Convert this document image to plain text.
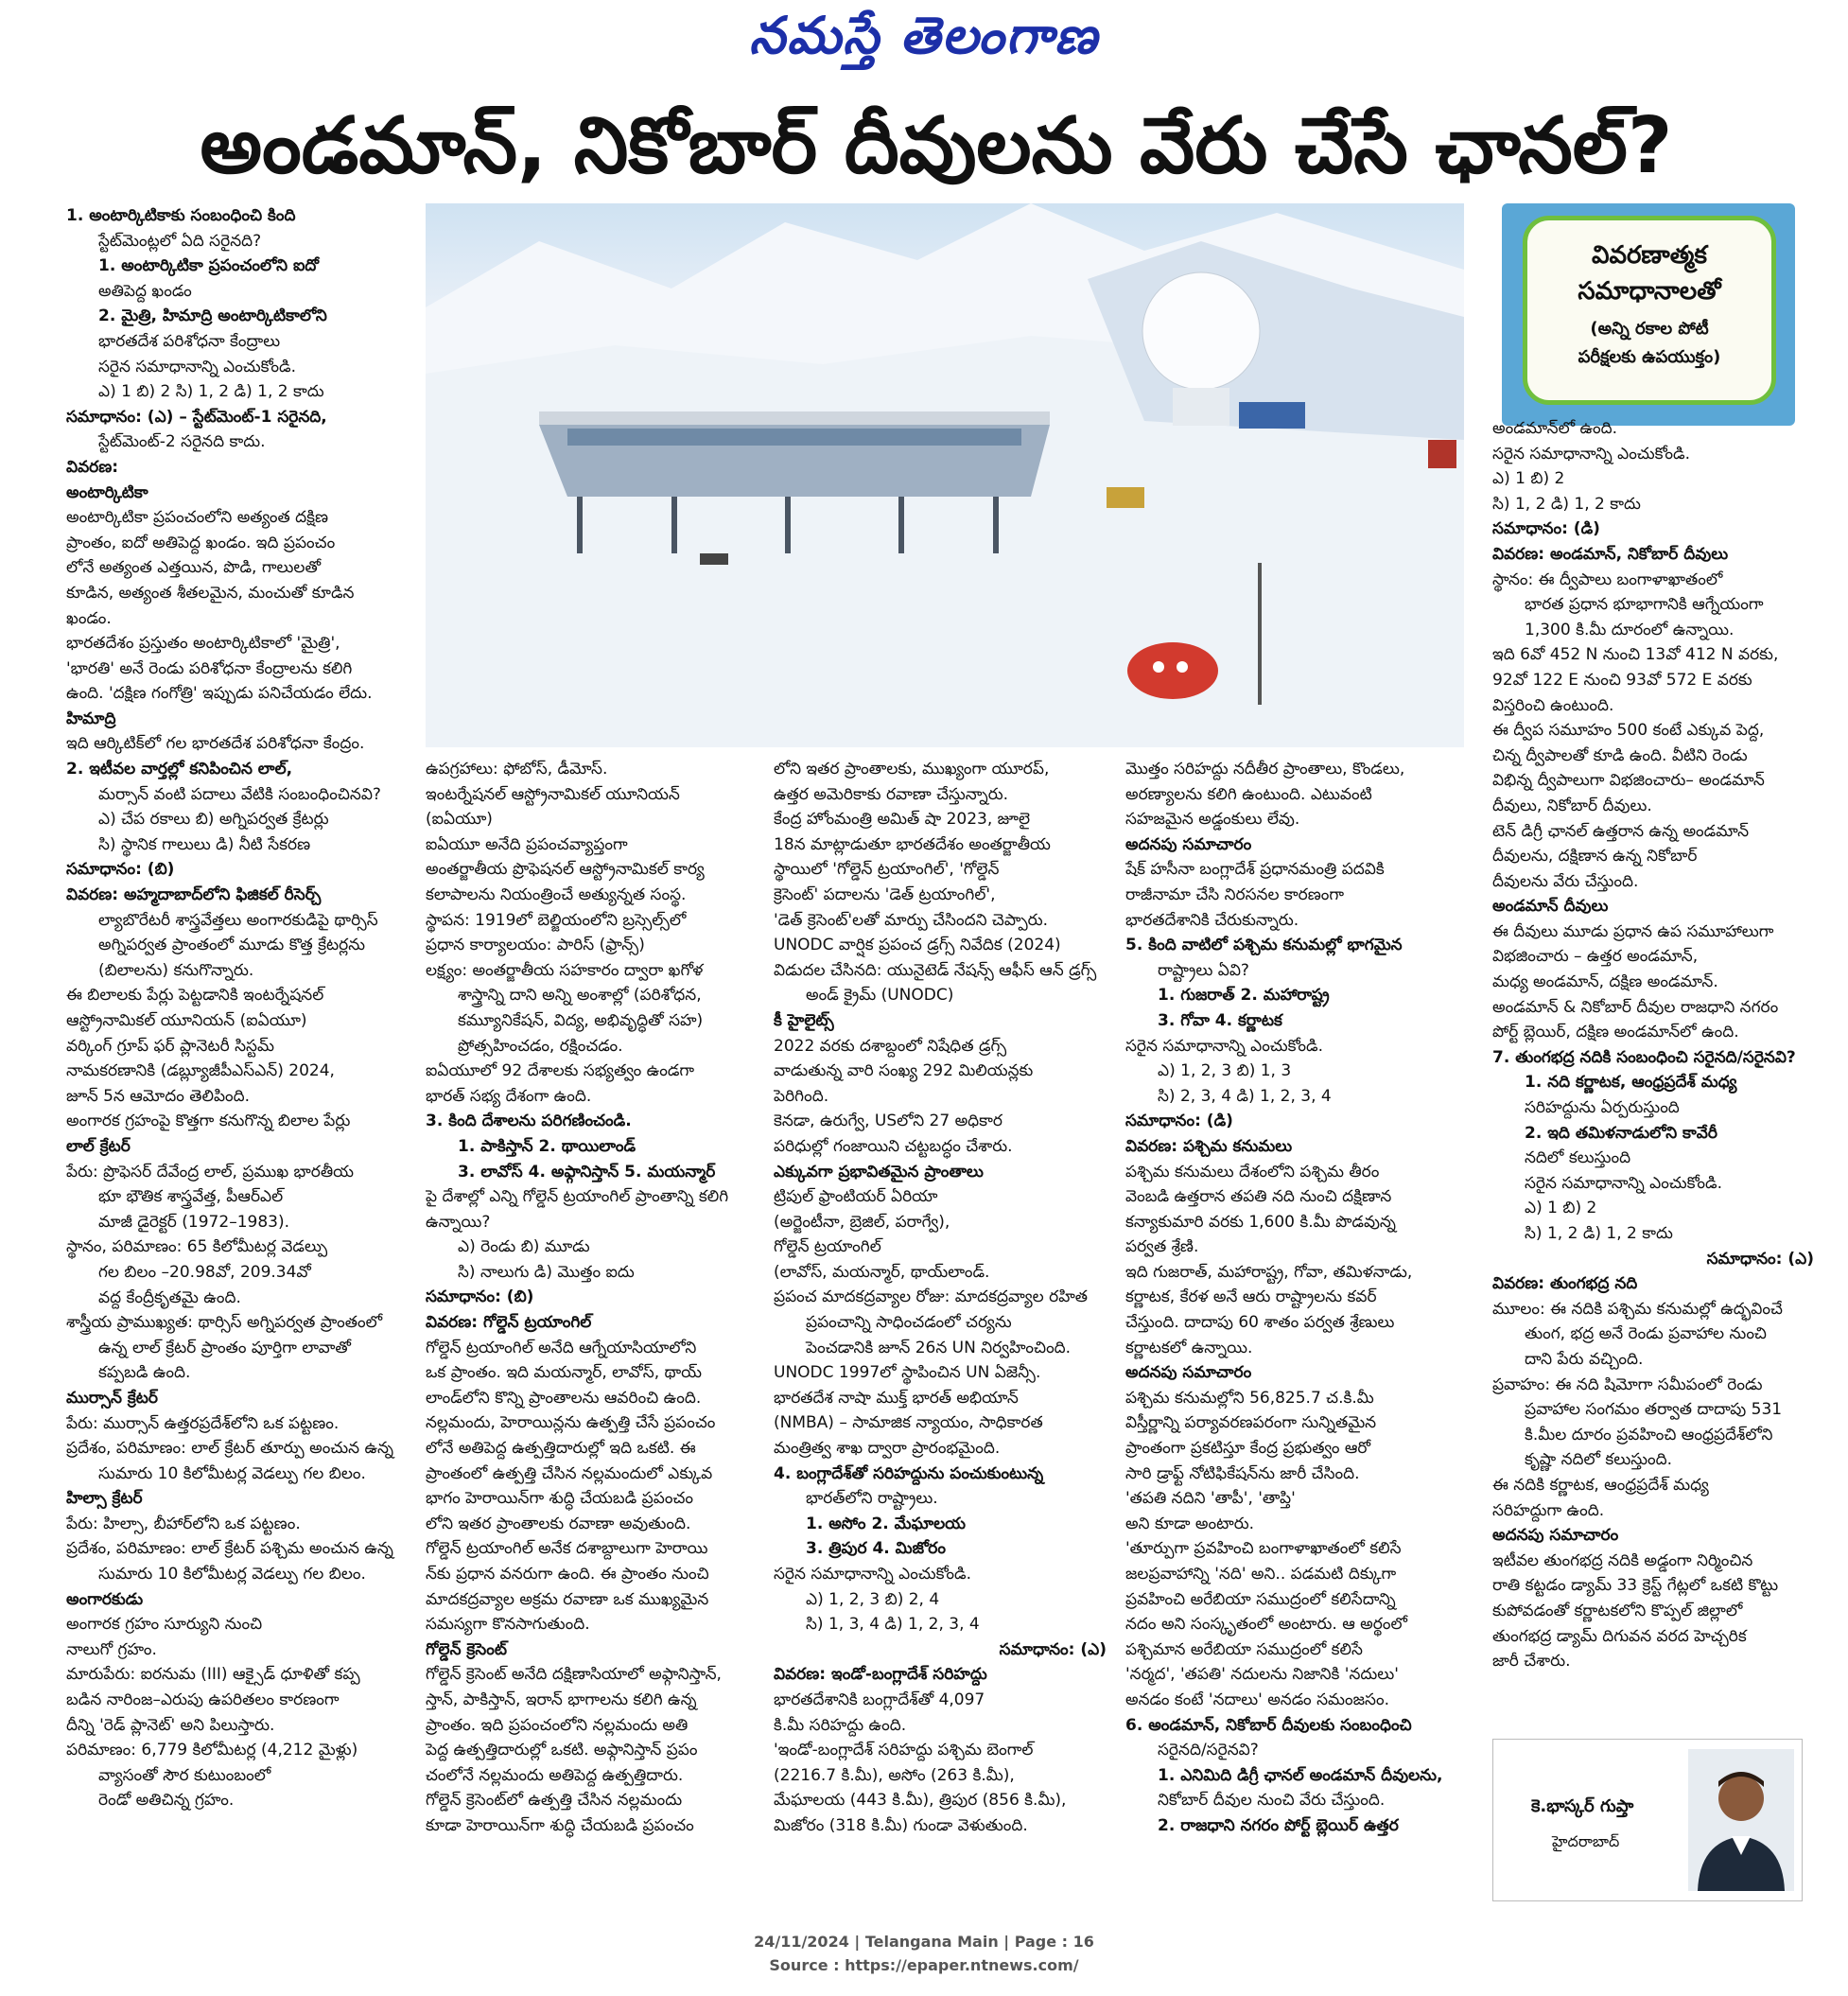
నమస్తే తెలంగాణ
అండమాన్, నికోబార్ దీవులను వేరు చేసే ఛానల్?

1. అంటార్కిటికాకు సంబంధించి కింది

స్టేట్‌మెంట్లలో ఏది సరైనది?

1. అంటార్కిటికా ప్రపంచంలోని ఐదో

అతిపెద్ద ఖండం

2. మైత్రి, హిమాద్రి అంటార్కిటికాలోని

భారతదేశ పరిశోధనా కేంద్రాలు

సరైన సమాధానాన్ని ఎంచుకోండి.

ఎ) 1 బి) 2 సి) 1, 2 డి) 1, 2 కాదు

సమాధానం: (ఎ) – స్టేట్‌మెంట్-1 సరైనది,

స్టేట్‌మెంట్-2 సరైనది కాదు.

వివరణ:

అంటార్కిటికా

అంటార్కిటికా ప్రపంచంలోని అత్యంత దక్షిణ

ప్రాంతం, ఐదో అతిపెద్ద ఖండం. ఇది ప్రపంచం

లోనే అత్యంత ఎత్తయిన, పొడి, గాలులతో

కూడిన, అత్యంత శీతలమైన, మంచుతో కూడిన

ఖండం.

భారతదేశం ప్రస్తుతం అంటార్కిటికాలో 'మైత్రి',

'భారతి' అనే రెండు పరిశోధనా కేంద్రాలను కలిగి

ఉంది. 'దక్షిణ గంగోత్రి' ఇప్పుడు పనిచేయడం లేదు.

హిమాద్రి

ఇది ఆర్కిటిక్‌లో గల భారతదేశ పరిశోధనా కేంద్రం.

2. ఇటీవల వార్తల్లో కనిపించిన లాల్,

మర్సాన్ వంటి పదాలు వేటికి సంబంధించినవి?

ఎ) చేప రకాలు బి) అగ్నిపర్వత క్రేటర్లు

సి) స్థానిక గాలులు డి) నీటి సేకరణ

సమాధానం: (బి)

వివరణ: అహ్మదాబాద్‌లోని ఫిజికల్ రీసెర్చ్

ల్యాబొరేటరీ శాస్త్రవేత్తలు అంగారకుడిపై థార్సిస్

అగ్నిపర్వత ప్రాంతంలో మూడు కొత్త క్రేటర్లను

(బిలాలను) కనుగొన్నారు.

ఈ బిలాలకు పేర్లు పెట్టడానికి ఇంటర్నేషనల్

ఆస్ట్రోనామికల్ యూనియన్ (ఐఏయూ)

వర్కింగ్ గ్రూప్ ఫర్ ప్లానెటరీ సిస్టమ్

నామకరణానికి (డబ్ల్యూజీపీఎస్ఎన్) 2024,

జూన్ 5న ఆమోదం తెలిపింది.

అంగారక గ్రహంపై కొత్తగా కనుగొన్న బిలాల పేర్లు

లాల్ క్రేటర్

పేరు: ప్రొఫెసర్ దేవేంద్ర లాల్, ప్రముఖ భారతీయ

భూ భౌతిక శాస్త్రవేత్త, పీఆర్ఎల్

మాజీ డైరెక్టర్ (1972–1983).

స్థానం, పరిమాణం: 65 కిలోమీటర్ల వెడల్పు

గల బిలం –20.98వో, 209.34వో

వద్ద కేంద్రీకృతమై ఉంది.

శాస్త్రీయ ప్రాముఖ్యత: థార్సిస్ అగ్నిపర్వత ప్రాంతంలో

ఉన్న లాల్ క్రేటర్ ప్రాంతం పూర్తిగా లావాతో

కప్పబడి ఉంది.

ముర్సాన్ క్రేటర్

పేరు: ముర్సాన్ ఉత్తరప్రదేశ్‌లోని ఒక పట్టణం.

ప్రదేశం, పరిమాణం: లాల్ క్రేటర్ తూర్పు అంచున ఉన్న

సుమారు 10 కిలోమీటర్ల వెడల్పు గల బిలం.

హిల్సా క్రేటర్

పేరు: హిల్సా, బీహార్‌లోని ఒక పట్టణం.

ప్రదేశం, పరిమాణం: లాల్ క్రేటర్ పశ్చిమ అంచున ఉన్న

సుమారు 10 కిలోమీటర్ల వెడల్పు గల బిలం.

అంగారకుడు

అంగారక గ్రహం సూర్యుని నుంచి

నాలుగో గ్రహం.

మారుపేరు: ఐరనుమ (III) ఆక్సైడ్ ధూళితో కప్ప

బడిన నారింజ–ఎరుపు ఉపరితలం కారణంగా

దీన్ని 'రెడ్ ప్లానెట్' అని పిలుస్తారు.

పరిమాణం: 6,779 కిలోమీటర్ల (4,212 మైళ్లు)

వ్యాసంతో సౌర కుటుంబంలో

రెండో అతిచిన్న గ్రహం.

వివరణాత్మక
సమాధానాలతో
(అన్ని రకాల పోటీ
పరీక్షలకు ఉపయుక్తం)

ఉపగ్రహాలు: ఫోబోస్, డీమోస్.

ఇంటర్నేషనల్ ఆస్ట్రోనామికల్ యూనియన్

(ఐఏయూ)

ఐఏయూ అనేది ప్రపంచవ్యాప్తంగా

అంతర్జాతీయ ప్రొఫెషనల్ ఆస్ట్రోనామికల్ కార్య

కలాపాలను నియంత్రించే అత్యున్నత సంస్థ.

స్థాపన: 1919లో బెల్జియంలోని బ్రస్సెల్స్‌లో

ప్రధాన కార్యాలయం: పారిస్ (ఫ్రాన్స్)

లక్ష్యం: అంతర్జాతీయ సహకారం ద్వారా ఖగోళ

శాస్త్రాన్ని దాని అన్ని అంశాల్లో (పరిశోధన,

కమ్యూనికేషన్, విద్య, అభివృద్ధితో సహ)

ప్రోత్సహించడం, రక్షించడం.

ఐఏయూలో 92 దేశాలకు సభ్యత్వం ఉండగా

భారత్ సభ్య దేశంగా ఉంది.

3. కింది దేశాలను పరిగణించండి.

1. పాకిస్తాన్ 2. థాయిలాండ్

3. లావోస్ 4. అఫ్గానిస్తాన్ 5. మయన్మార్

పై దేశాల్లో ఎన్ని గోల్డెన్ ట్రయాంగిల్ ప్రాంతాన్ని కలిగి

ఉన్నాయి?

ఎ) రెండు బి) మూడు

సి) నాలుగు డి) మొత్తం ఐదు

సమాధానం: (బి)

వివరణ: గోల్డెన్ ట్రయాంగిల్

గోల్డెన్ ట్రయాంగిల్ అనేది ఆగ్నేయాసియాలోని

ఒక ప్రాంతం. ఇది మయన్మార్, లావోస్, థాయ్

లాండ్‌లోని కొన్ని ప్రాంతాలను ఆవరించి ఉంది.

నల్లమందు, హెరాయిన్లను ఉత్పత్తి చేసే ప్రపంచం

లోనే అతిపెద్ద ఉత్పత్తిదారుల్లో ఇది ఒకటి. ఈ

ప్రాంతంలో ఉత్పత్తి చేసిన నల్లమందులో ఎక్కువ

భాగం హెరాయిన్‌గా శుద్ధి చేయబడి ప్రపంచం

లోని ఇతర ప్రాంతాలకు రవాణా అవుతుంది.

గోల్డెన్ ట్రయాంగిల్ అనేక దశాబ్దాలుగా హెరాయి

న్‌కు ప్రధాన వనరుగా ఉంది. ఈ ప్రాంతం నుంచి

మాదకద్రవ్యాల అక్రమ రవాణా ఒక ముఖ్యమైన

సమస్యగా కొనసాగుతుంది.

గోల్డెన్ క్రెసెంట్

గోల్డెన్ క్రెసెంట్ అనేది దక్షిణాసియాలో అఫ్గానిస్తాన్,

స్తాన్, పాకిస్తాన్, ఇరాన్ భాగాలను కలిగి ఉన్న

ప్రాంతం. ఇది ప్రపంచంలోని నల్లమందు అతి

పెద్ద ఉత్పత్తిదారుల్లో ఒకటి. అఫ్గానిస్తాన్ ప్రపం

చంలోనే నల్లమందు అతిపెద్ద ఉత్పత్తిదారు.

గోల్డెన్ క్రెసెంట్‌లో ఉత్పత్తి చేసిన నల్లమందు

కూడా హెరాయిన్‌గా శుద్ధి చేయబడి ప్రపంచం

లోని ఇతర ప్రాంతాలకు, ముఖ్యంగా యూరప్,

ఉత్తర అమెరికాకు రవాణా చేస్తున్నారు.

కేంద్ర హోంమంత్రి అమిత్ షా 2023, జూలై

18న మాట్లాడుతూ భారతదేశం అంతర్జాతీయ

స్థాయిలో 'గోల్డెన్ ట్రయాంగిల్', 'గోల్డెన్

క్రెసెంట్' పదాలను 'డెత్ ట్రయాంగిల్',

'డెత్ క్రెసెంట్'లతో మార్పు చేసిందని చెప్పారు.

UNODC వార్షిక ప్రపంచ డ్రగ్స్ నివేదిక (2024)

విడుదల చేసినది: యునైటెడ్ నేషన్స్ ఆఫీస్ ఆన్ డ్రగ్స్

అండ్ క్రైమ్ (UNODC)

కీ హైలైట్స్

2022 వరకు దశాబ్దంలో నిషేధిత డ్రగ్స్

వాడుతున్న వారి సంఖ్య 292 మిలియన్లకు

పెరిగింది.

కెనడా, ఉరుగ్వే, USలోని 27 అధికార

పరిధుల్లో గంజాయిని చట్టబద్ధం చేశారు.

ఎక్కువగా ప్రభావితమైన ప్రాంతాలు

ట్రిపుల్ ఫ్రాంటియర్ ఏరియా

(అర్జెంటీనా, బ్రెజిల్, పరాగ్వే),

గోల్డెన్ ట్రయాంగిల్

(లావోస్, మయన్మార్, థాయ్‌లాండ్.

ప్రపంచ మాదకద్రవ్యాల రోజు: మాదకద్రవ్యాల రహిత

ప్రపంచాన్ని సాధించడంలో చర్యను

పెంచడానికి జూన్ 26న UN నిర్వహించింది.

UNODC 1997లో స్థాపించిన UN ఏజెన్సీ.

భారతదేశ నాషా ముక్త్ భారత్ అభియాన్

(NMBA) – సామాజిక న్యాయం, సాధికారత

మంత్రిత్వ శాఖ ద్వారా ప్రారంభమైంది.

4. బంగ్లాదేశ్‌తో సరిహద్దును పంచుకుంటున్న

భారత్‌లోని రాష్ట్రాలు.

1. అసోం 2. మేఘాలయ

3. త్రిపుర 4. మిజోరం

సరైన సమాధానాన్ని ఎంచుకోండి.

ఎ) 1, 2, 3 బి) 2, 4

సి) 1, 3, 4 డి) 1, 2, 3, 4

సమాధానం: (ఎ)

వివరణ: ఇండో-బంగ్లాదేశ్ సరిహద్దు

భారతదేశానికి బంగ్లాదేశ్‌తో 4,097

కి.మీ సరిహద్దు ఉంది.

'ఇండో-బంగ్లాదేశ్ సరిహద్దు పశ్చిమ బెంగాల్

(2216.7 కి.మీ), అసోం (263 కి.మీ),

మేఘాలయ (443 కి.మీ), త్రిపుర (856 కి.మీ),

మిజోరం (318 కి.మీ) గుండా వెళుతుంది.

మొత్తం సరిహద్దు నదీతీర ప్రాంతాలు, కొండలు,

అరణ్యాలను కలిగి ఉంటుంది. ఎటువంటి

సహజమైన అడ్డంకులు లేవు.

అదనపు సమాచారం

షేక్ హసీనా బంగ్లాదేశ్ ప్రధానమంత్రి పదవికి

రాజీనామా చేసి నిరసనల కారణంగా

భారతదేశానికి చేరుకున్నారు.

5. కింది వాటిలో పశ్చిమ కనుమల్లో భాగమైన

రాష్ట్రాలు ఏవి?

1. గుజరాత్ 2. మహారాష్ట్ర

3. గోవా 4. కర్ణాటక

సరైన సమాధానాన్ని ఎంచుకోండి.

ఎ) 1, 2, 3 బి) 1, 3

సి) 2, 3, 4 డి) 1, 2, 3, 4

సమాధానం: (డి)

వివరణ: పశ్చిమ కనుమలు

పశ్చిమ కనుమలు దేశంలోని పశ్చిమ తీరం

వెంబడి ఉత్తరాన తపతి నది నుంచి దక్షిణాన

కన్యాకుమారి వరకు 1,600 కి.మీ పొడవున్న

పర్వత శ్రేణి.

ఇది గుజరాత్, మహారాష్ట్ర, గోవా, తమిళనాడు,

కర్ణాటక, కేరళ అనే ఆరు రాష్ట్రాలను కవర్

చేస్తుంది. దాదాపు 60 శాతం పర్వత శ్రేణులు

కర్ణాటకలో ఉన్నాయి.

అదనపు సమాచారం

పశ్చిమ కనుమల్లోని 56,825.7 చ.కి.మీ

విస్తీర్ణాన్ని పర్యావరణపరంగా సున్నితమైన

ప్రాంతంగా ప్రకటిస్తూ కేంద్ర ప్రభుత్వం ఆరో

సారి డ్రాఫ్ట్ నోటిఫికేషన్‌ను జారీ చేసింది.

'తపతి నదిని 'తాపీ', 'తాప్తి'

అని కూడా అంటారు.

'తూర్పుగా ప్రవహించి బంగాళాఖాతంలో కలిసే

జలప్రవాహాన్ని 'నది' అని.. పడమటి దిక్కుగా

ప్రవహించి అరేబియా సముద్రంలో కలిసేదాన్ని

నదం అని సంస్కృతంలో అంటారు. ఆ అర్థంలో

పశ్చిమాన అరేబియా సముద్రంలో కలిసే

'నర్మద', 'తపతి' నదులను నిజానికి 'నదులు'

అనడం కంటే 'నదాలు' అనడం సమంజసం.

6. అండమాన్, నికోబార్ దీవులకు సంబంధించి

సరైనది/సరైనవి?

1. ఎనిమిది డిగ్రీ ఛానల్ అండమాన్ దీవులను,

నికోబార్ దీవుల నుంచి వేరు చేస్తుంది.

2. రాజధాని నగరం పోర్ట్ బ్లెయిర్ ఉత్తర

అండమాన్‌లో ఉంది.

సరైన సమాధానాన్ని ఎంచుకోండి.

ఎ) 1 బి) 2

సి) 1, 2 డి) 1, 2 కాదు

సమాధానం: (డి)

వివరణ: అండమాన్, నికోబార్ దీవులు

స్థానం: ఈ ద్వీపాలు బంగాళాఖాతంలో

భారత ప్రధాన భూభాగానికి ఆగ్నేయంగా

1,300 కి.మీ దూరంలో ఉన్నాయి.

ఇది 6వో 452 N నుంచి 13వో 412 N వరకు,

92వో 122 E నుంచి 93వో 572 E వరకు

విస్తరించి ఉంటుంది.

ఈ ద్వీప సమూహం 500 కంటే ఎక్కువ పెద్ద,

చిన్న ద్వీపాలతో కూడి ఉంది. వీటిని రెండు

విభిన్న ద్వీపాలుగా విభజించారు– అండమాన్

దీవులు, నికోబార్ దీవులు.

టెన్ డిగ్రీ ఛానల్ ఉత్తరాన ఉన్న అండమాన్

దీవులను, దక్షిణాన ఉన్న నికోబార్

దీవులను వేరు చేస్తుంది.

అండమాన్ దీవులు

ఈ దీవులు మూడు ప్రధాన ఉప సమూహాలుగా

విభజించారు – ఉత్తర అండమాన్,

మధ్య అండమాన్, దక్షిణ అండమాన్.

అండమాన్ & నికోబార్ దీవుల రాజధాని నగరం

పోర్ట్ బ్లెయిర్, దక్షిణ అండమాన్‌లో ఉంది.

7. తుంగభద్ర నదికి సంబంధించి సరైనది/సరైనవి?

1. నది కర్ణాటక, ఆంధ్రప్రదేశ్ మధ్య

సరిహద్దును ఏర్పరుస్తుంది

2. ఇది తమిళనాడులోని కావేరీ

నదిలో కలుస్తుంది

సరైన సమాధానాన్ని ఎంచుకోండి.

ఎ) 1 బి) 2

సి) 1, 2 డి) 1, 2 కాదు

సమాధానం: (ఎ)

వివరణ: తుంగభద్ర నది

మూలం: ఈ నదికి పశ్చిమ కనుమల్లో ఉద్భవించే

తుంగ, భద్ర అనే రెండు ప్రవాహాల నుంచి

దాని పేరు వచ్చింది.

ప్రవాహం: ఈ నది షిమోగా సమీపంలో రెండు

ప్రవాహాల సంగమం తర్వాత దాదాపు 531

కి.మీల దూరం ప్రవహించి ఆంధ్రప్రదేశ్‌లోని

కృష్ణా నదిలో కలుస్తుంది.

ఈ నదికి కర్ణాటక, ఆంధ్రప్రదేశ్ మధ్య

సరిహద్దుగా ఉంది.

అదనపు సమాచారం

ఇటీవల తుంగభద్ర నదికి అడ్డంగా నిర్మించిన

రాతి కట్టడం డ్యామ్ 33 క్రెస్ట్ గేట్లలో ఒకటి కొట్టు

కుపోవడంతో కర్ణాటకలోని కొప్పల్ జిల్లాలో

తుంగభద్ర డ్యామ్ దిగువన వరద హెచ్చరిక

జారీ చేశారు.

కె.భాస్కర్ గుప్తా
హైదరాబాద్
24/11/2024 | Telangana Main | Page : 16
Source : https://epaper.ntnews.com/
